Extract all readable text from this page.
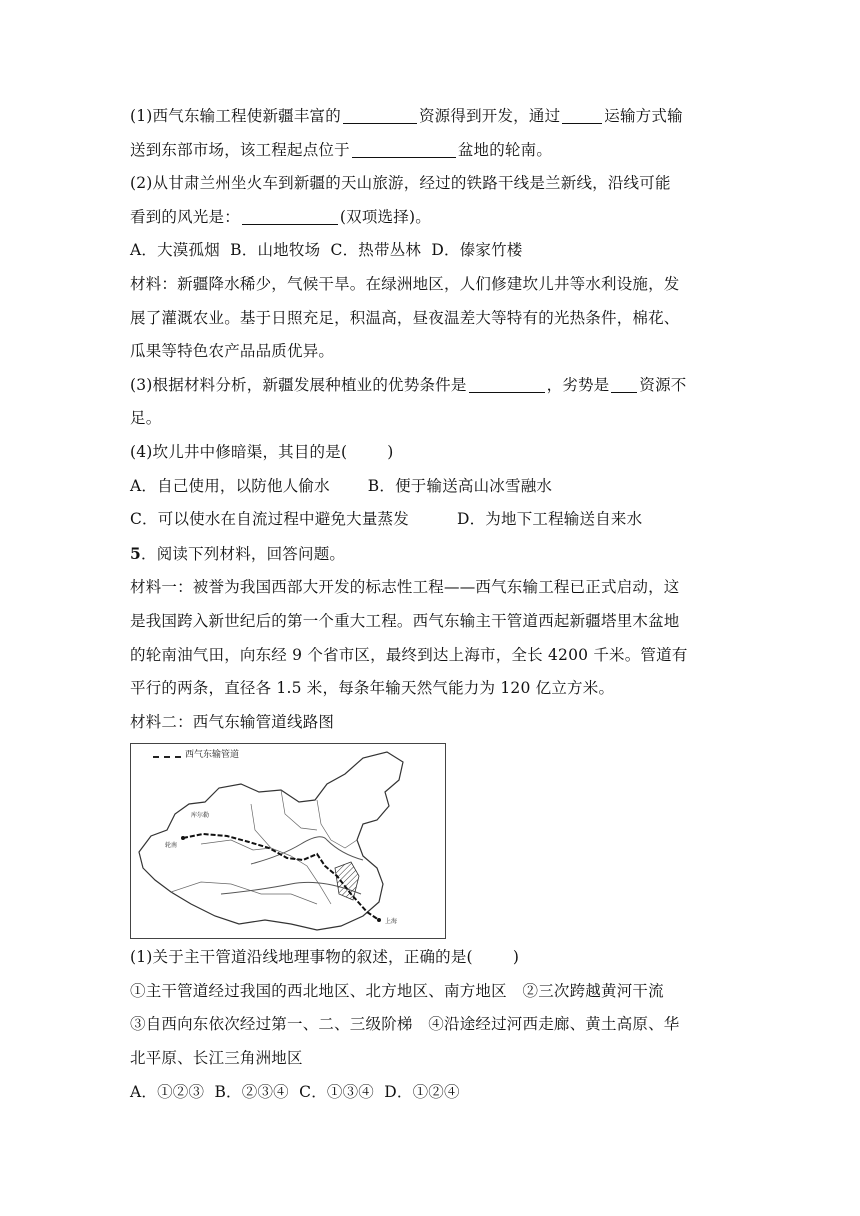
(1)西气东输工程使新疆丰富的	资源得到开发，通过	运输方式输
送到东部市场，该工程起点位于	盆地的轮南。
(2)从甘肃兰州坐火车到新疆的天山旅游，经过的铁路干线是兰新线，沿线可能
看到的风光是：	(双项选择)。
A．大漠孤烟 B．山地牧场 C．热带丛林 D．傣家竹楼
材料：新疆降水稀少，气候干旱。在绿洲地区，人们修建坎儿井等水利设施，发
展了灌溉农业。基于日照充足，积温高，昼夜温差大等特有的光热条件，棉花、
瓜果等特色农产品品质优异。
(3)根据材料分析，新疆发展种植业的优势条件是	，劣势是 资源不
足。
(4)坎儿井中修暗渠，其目的是(	)
A．自己使用，以防他人偷水 B．便于输送高山冰雪融水
C．可以使水在自流过程中避免大量蒸发	D．为地下工程输送自来水
5．阅读下列材料，回答问题。
材料一：被誉为我国西部大开发的标志性工程——西气东输工程已正式启动，这
是我国跨入新世纪后的第一个重大工程。西气东输主干管道西起新疆塔里木盆地
的轮南油气田，向东经 9 个省市区，最终到达上海市，全长 4200 千米。管道有
平行的两条，直径各 1.5 米，每条年输天然气能力为 120 亿立方米。
材料二：西气东输管道线路图
西气东输管道
库尔勒
轮南
上海
(1)关于主干管道沿线地理事物的叙述，正确的是(	)
①主干管道经过我国的西北地区、北方地区、南方地区　②三次跨越黄河干流
③自西向东依次经过第一、二、三级阶梯　④沿途经过河西走廊、黄土高原、华
北平原、长江三角洲地区
A．①②③ B．②③④ C．①③④ D．①②④
